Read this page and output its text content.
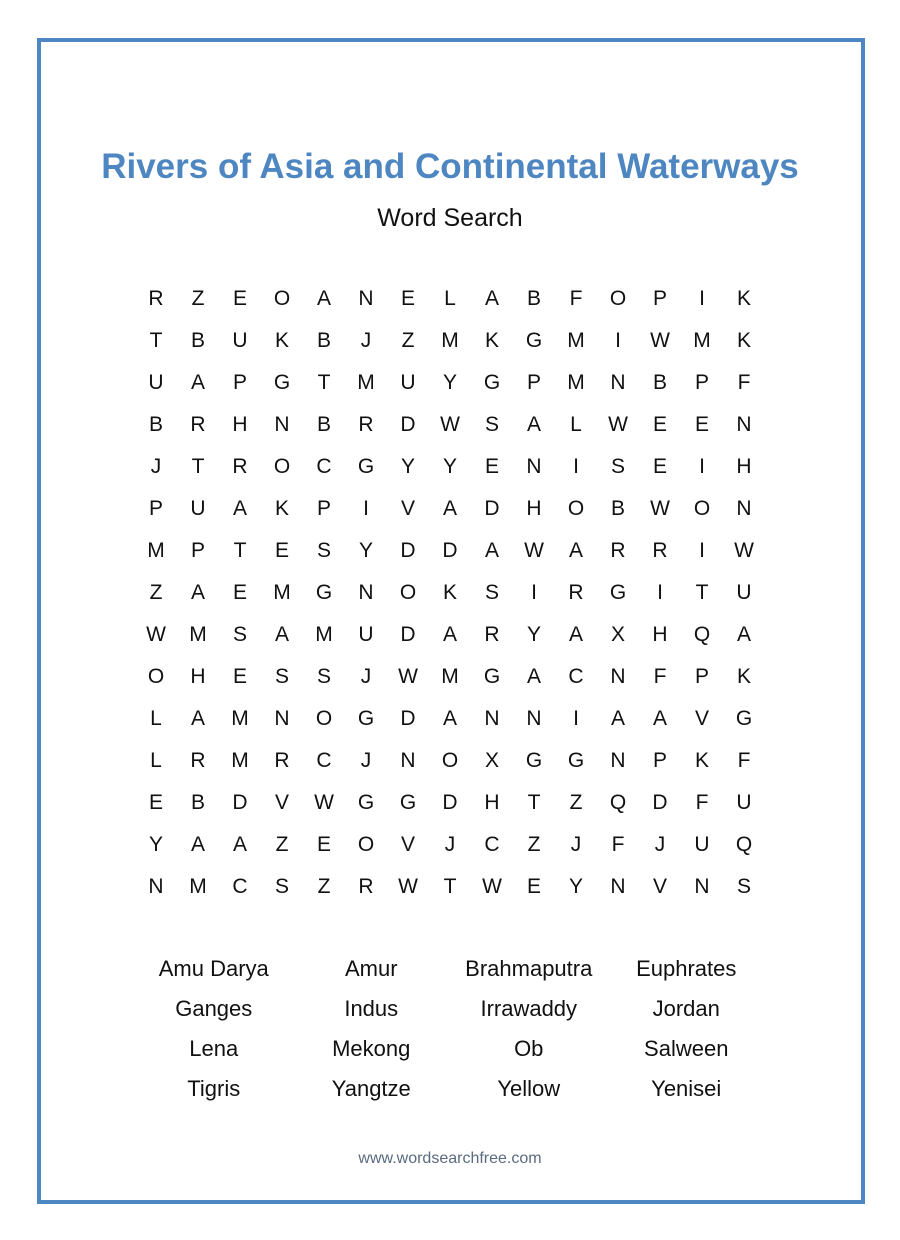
Rivers of Asia and Continental Waterways
Word Search
R	Z	E	O	A	N	E	L	A	B	F	O	P	I	K
T	B	U	K	B	J	Z	M	K	G	M	I	W	M	K
U	A	P	G	T	M	U	Y	G	P	M	N	B	P	F
B	R	H	N	B	R	D	W	S	A	L	W	E	E	N
J	T	R	O	C	G	Y	Y	E	N	I	S	E	I	H
P	U	A	K	P	I	V	A	D	H	O	B	W	O	N
M	P	T	E	S	Y	D	D	A	W	A	R	R	I	W
Z	A	E	M	G	N	O	K	S	I	R	G	I	T	U
W	M	S	A	M	U	D	A	R	Y	A	X	H	Q	A
O	H	E	S	S	J	W	M	G	A	C	N	F	P	K
L	A	M	N	O	G	D	A	N	N	I	A	A	V	G
L	R	M	R	C	J	N	O	X	G	G	N	P	K	F
E	B	D	V	W	G	G	D	H	T	Z	Q	D	F	U
Y	A	A	Z	E	O	V	J	C	Z	J	F	J	U	Q
N	M	C	S	Z	R	W	T	W	E	Y	N	V	N	S
Amu Darya	Amur	Brahmaputra	Euphrates
Ganges	Indus	Irrawaddy	Jordan
Lena	Mekong	Ob	Salween
Tigris	Yangtze	Yellow	Yenisei
www.wordsearchfree.com
